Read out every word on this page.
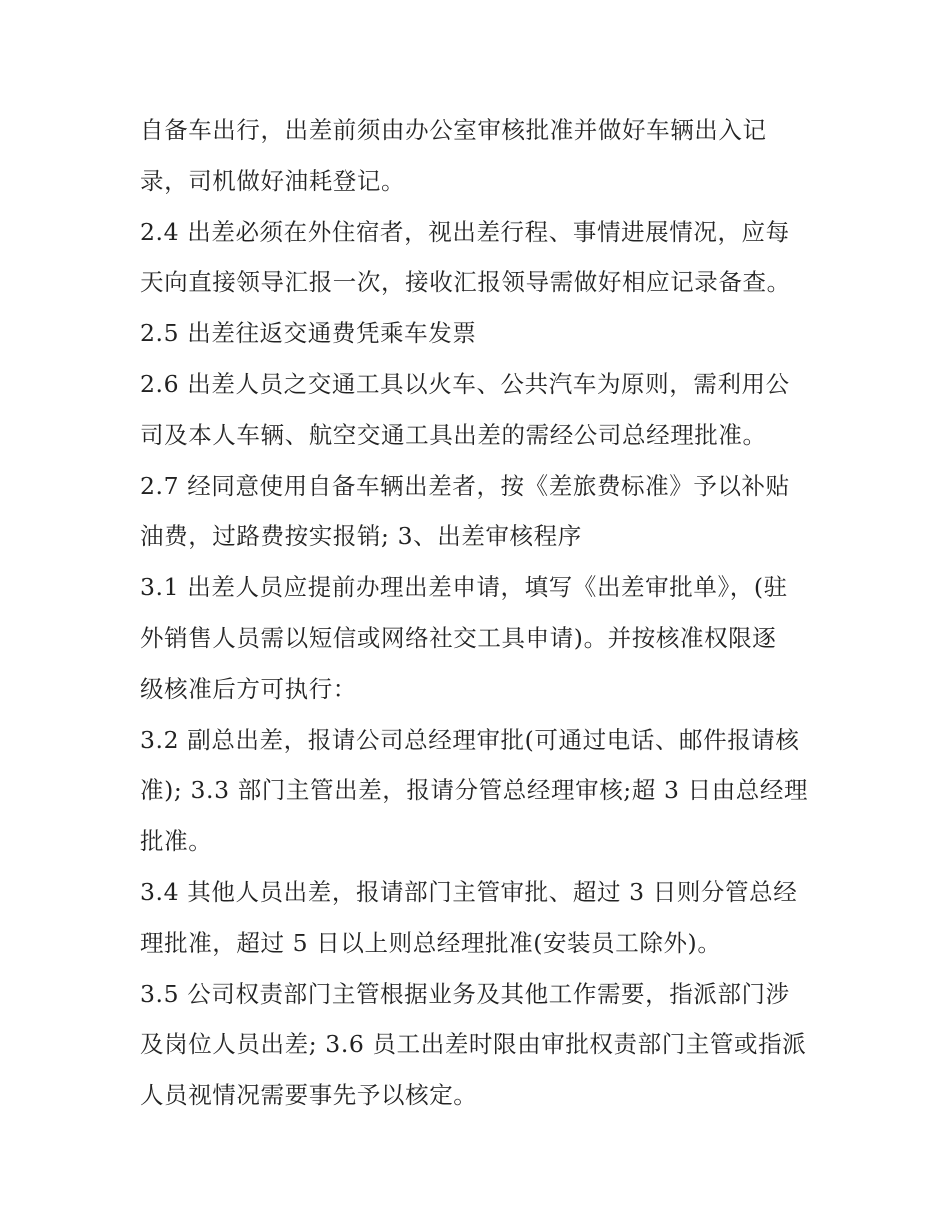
自备车出行，出差前须由办公室审核批准并做好车辆出入记
录，司机做好油耗登记。
2.4 出差必须在外住宿者，视出差行程、事情进展情况，应每
天向直接领导汇报一次，接收汇报领导需做好相应记录备查。
2.5 出差往返交通费凭乘车发票
2.6 出差人员之交通工具以火车、公共汽车为原则，需利用公
司及本人车辆、航空交通工具出差的需经公司总经理批准。
2.7 经同意使用自备车辆出差者，按《差旅费标准》予以补贴
油费，过路费按实报销; 3、出差审核程序
3.1 出差人员应提前办理出差申请，填写《出差审批单》，(驻
外销售人员需以短信或网络社交工具申请)。并按核准权限逐
级核准后方可执行：
3.2 副总出差，报请公司总经理审批(可通过电话、邮件报请核
准); 3.3 部门主管出差，报请分管总经理审核;超 3 日由总经理
批准。
3.4 其他人员出差，报请部门主管审批、超过 3 日则分管总经
理批准，超过 5 日以上则总经理批准(安装员工除外)。
3.5 公司权责部门主管根据业务及其他工作需要，指派部门涉
及岗位人员出差; 3.6 员工出差时限由审批权责部门主管或指派
人员视情况需要事先予以核定。
